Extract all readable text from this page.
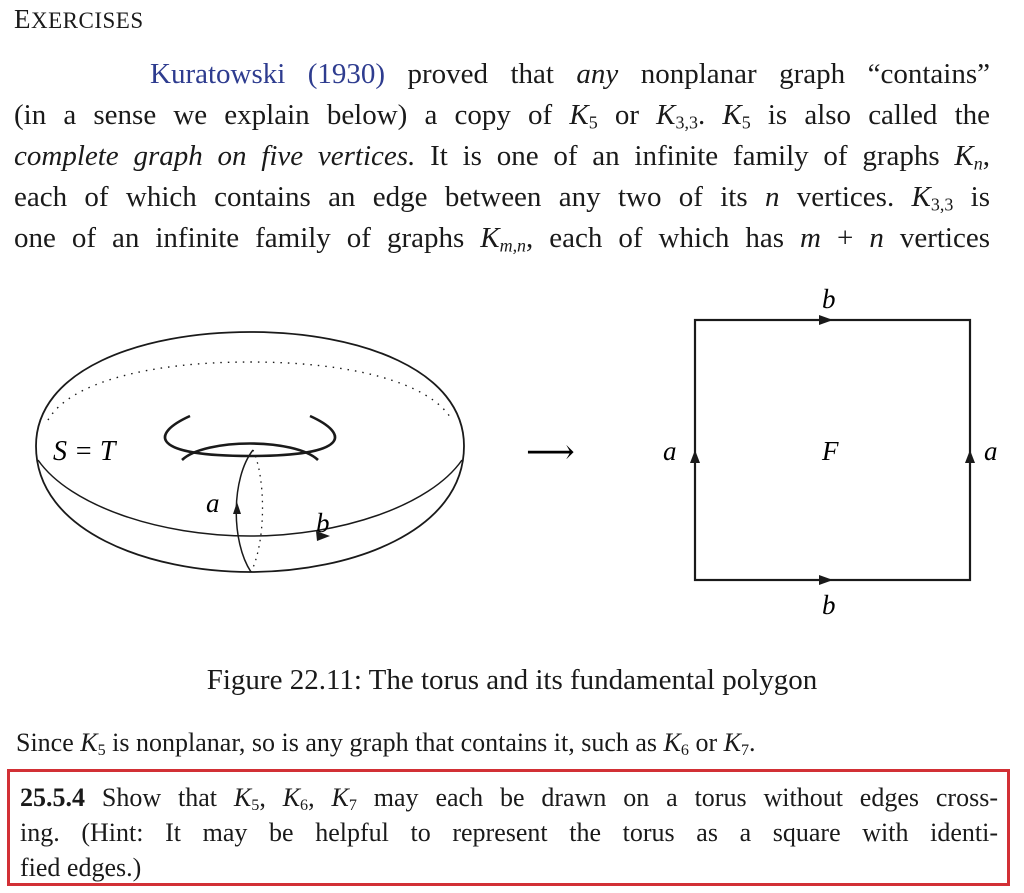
EXERCISES
Kuratowski (1930) proved that any nonplanar graph “contains”
(in a sense we explain below) a copy of $K_5$ or $K_{3,3}$. $K_5$ is also called the
complete graph on five vertices. It is one of an infinite family of graphs $K_n$,
each of which contains an edge between any two of its n vertices. $K_{3,3}$ is
one of an infinite family of graphs $K_{m,n}$, each of which has m + n vertices
S = T
a
b
⟶
b
b
a	a
F
Figure 22.11: The torus and its fundamental polygon
Since $K_5$ is nonplanar, so is any graph that contains it, such as $K_6$ or $K_7$.
25.5.4 Show that $K_5$, $K_6$, $K_7$ may each be drawn on a torus without edges cross-
ing. (Hint: It may be helpful to represent the torus as a square with identi-
fied edges.)
